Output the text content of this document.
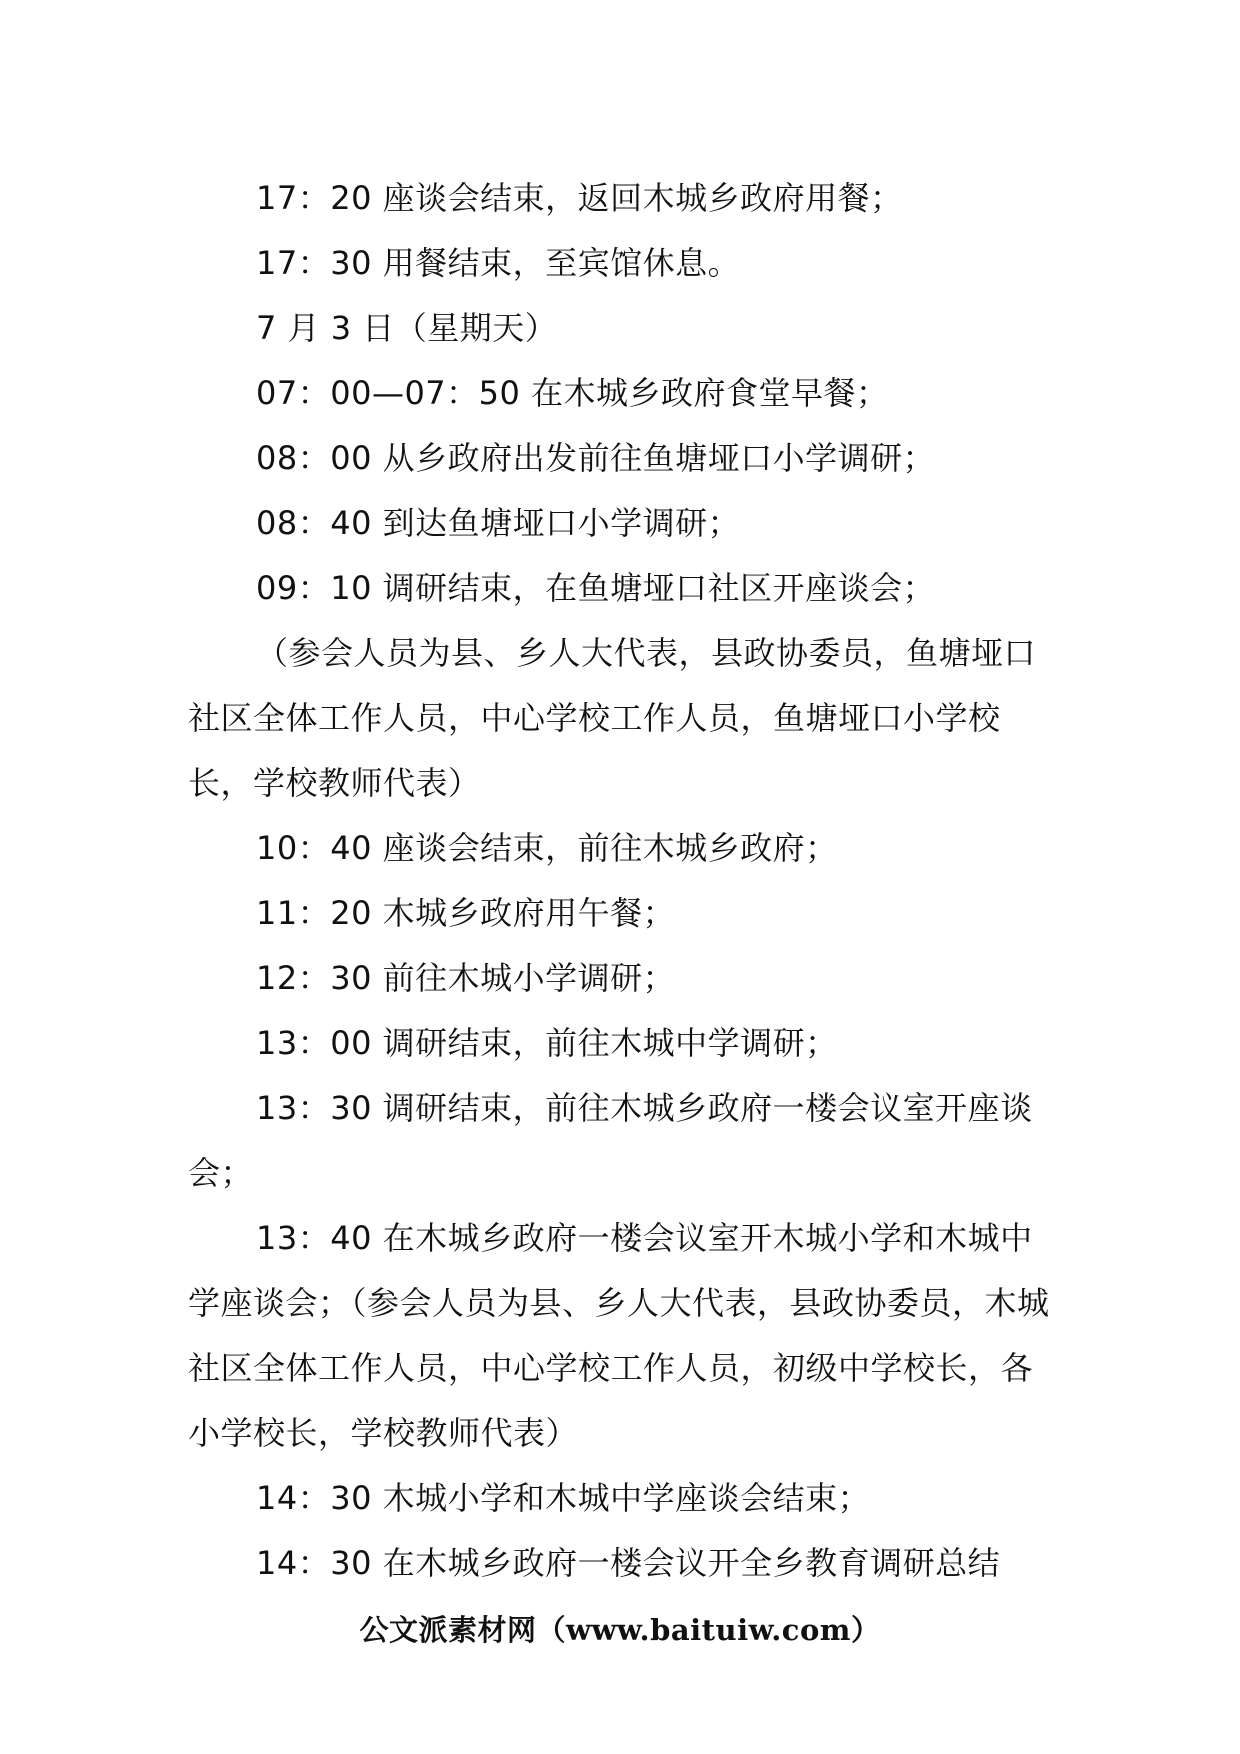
17：20 座谈会结束，返回木城乡政府用餐；

17：30 用餐结束，至宾馆休息。

7 月 3 日（星期天）

07：00—07：50 在木城乡政府食堂早餐；

08：00 从乡政府出发前往鱼塘垭口小学调研；

08：40 到达鱼塘垭口小学调研；

09：10 调研结束，在鱼塘垭口社区开座谈会；

（参会人员为县、乡人大代表，县政协委员，鱼塘垭口社区全体工作人员，中心学校工作人员，鱼塘垭口小学校长，学校教师代表）

10：40 座谈会结束，前往木城乡政府；

11：20 木城乡政府用午餐；

12：30 前往木城小学调研；

13：00 调研结束，前往木城中学调研；

13：30 调研结束，前往木城乡政府一楼会议室开座谈会；

13：40 在木城乡政府一楼会议室开木城小学和木城中学座谈会；（参会人员为县、乡人大代表，县政协委员，木城社区全体工作人员，中心学校工作人员，初级中学校长，各小学校长，学校教师代表）

14：30 木城小学和木城中学座谈会结束；

14：30 在木城乡政府一楼会议开全乡教育调研总结

公文派素材网（www.baituiw.com）
